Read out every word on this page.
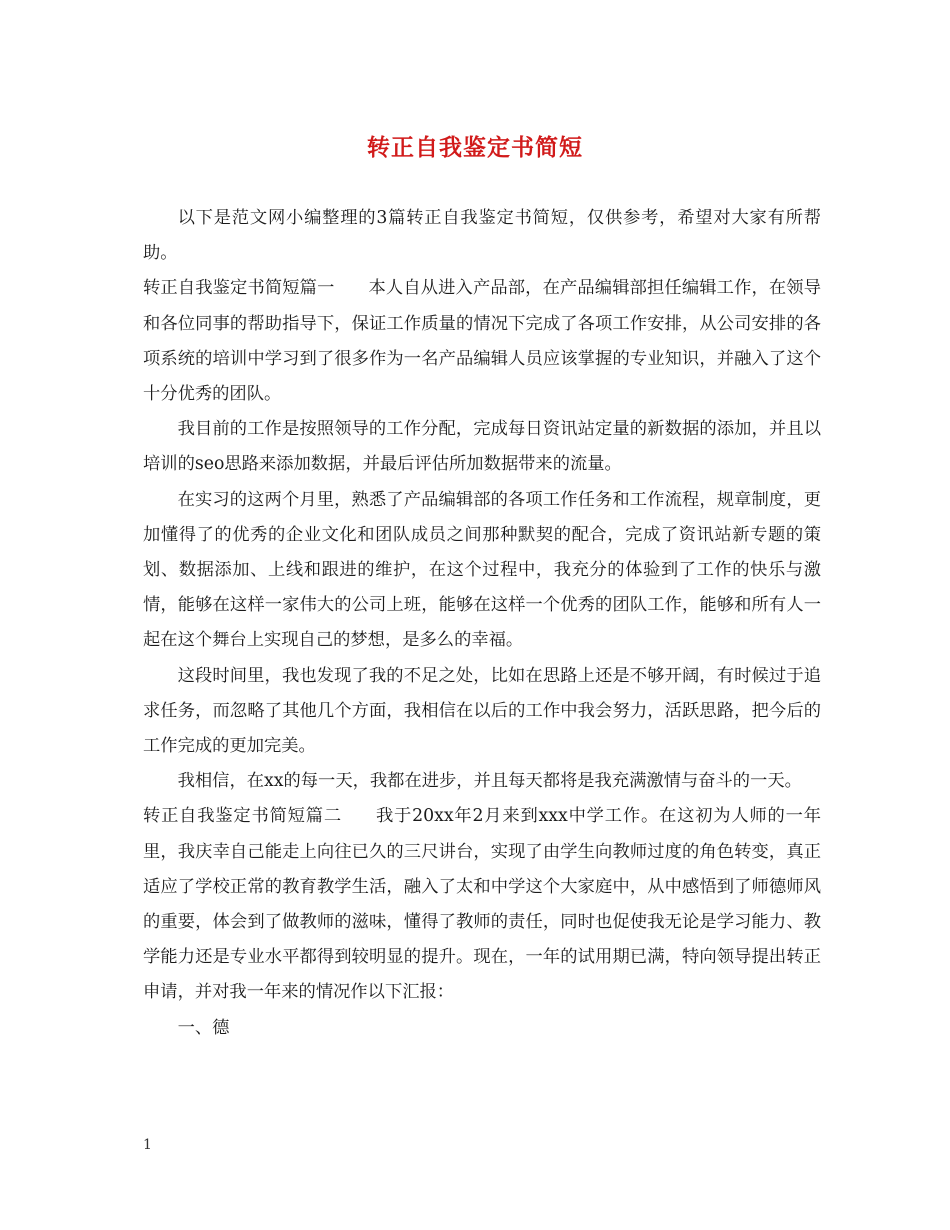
转正自我鉴定书简短

以下是范文网小编整理的3篇转正自我鉴定书简短，仅供参考，希望对大家有所帮助。

转正自我鉴定书简短篇一 本人自从进入产品部，在产品编辑部担任编辑工作，在领导和各位同事的帮助指导下，保证工作质量的情况下完成了各项工作安排，从公司安排的各项系统的培训中学习到了很多作为一名产品编辑人员应该掌握的专业知识，并融入了这个十分优秀的团队。

我目前的工作是按照领导的工作分配，完成每日资讯站定量的新数据的添加，并且以培训的seo思路来添加数据，并最后评估所加数据带来的流量。

在实习的这两个月里，熟悉了产品编辑部的各项工作任务和工作流程，规章制度，更加懂得了的优秀的企业文化和团队成员之间那种默契的配合，完成了资讯站新专题的策划、数据添加、上线和跟进的维护，在这个过程中，我充分的体验到了工作的快乐与激情，能够在这样一家伟大的公司上班，能够在这样一个优秀的团队工作，能够和所有人一起在这个舞台上实现自己的梦想，是多么的幸福。

这段时间里，我也发现了我的不足之处，比如在思路上还是不够开阔，有时候过于追求任务，而忽略了其他几个方面，我相信在以后的工作中我会努力，活跃思路，把今后的工作完成的更加完美。

我相信，在xx的每一天，我都在进步，并且每天都将是我充满激情与奋斗的一天。

转正自我鉴定书简短篇二 我于20xx年2月来到xxx中学工作。在这初为人师的一年里，我庆幸自己能走上向往已久的三尺讲台，实现了由学生向教师过度的角色转变，真正适应了学校正常的教育教学生活，融入了太和中学这个大家庭中，从中感悟到了师德师风的重要，体会到了做教师的滋味，懂得了教师的责任，同时也促使我无论是学习能力、教学能力还是专业水平都得到较明显的提升。现在，一年的试用期已满，特向领导提出转正申请，并对我一年来的情况作以下汇报：

一、德

1
